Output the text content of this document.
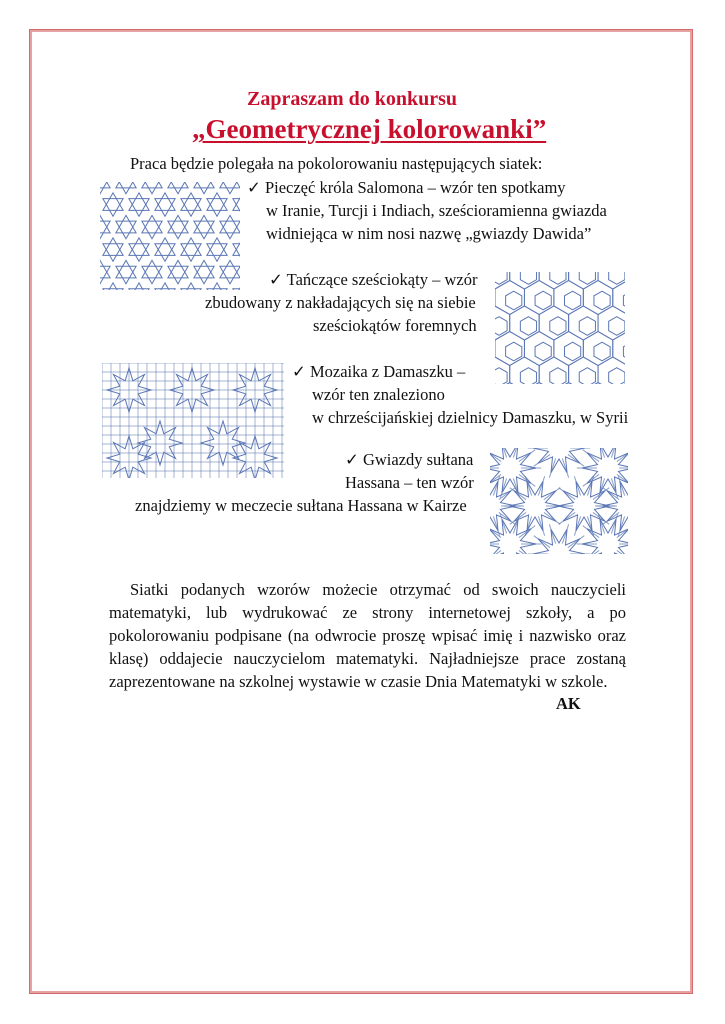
Zapraszam do konkursu
„Geometrycznej kolorowanki”
Praca będzie polegała na pokolorowaniu następujących siatek:
✓ Pieczęć króla Salomona – wzór ten spotkamy
w Iranie, Turcji i Indiach, sześcioramienna gwiazda
widniejąca w nim nosi nazwę „gwiazdy Dawida”
✓ Tańczące sześciokąty – wzór
zbudowany z nakładających się na siebie
sześciokątów foremnych
✓ Mozaika z Damaszku –
wzór ten znaleziono
w chrześcijańskiej dzielnicy Damaszku, w Syrii
✓ Gwiazdy sułtana
Hassana – ten wzór
znajdziemy w meczecie sułtana Hassana w Kairze
Siatki podanych wzorów możecie otrzymać od swoich nauczycieli matematyki, lub wydrukować ze strony internetowej szkoły, a po pokolorowaniu podpisane (na odwrocie proszę wpisać imię i nazwisko oraz klasę) oddajecie nauczycielom matematyki. Najładniejsze prace zostaną zaprezentowane na szkolnej wystawie w czasie Dnia Matematyki w szkole.
AK
